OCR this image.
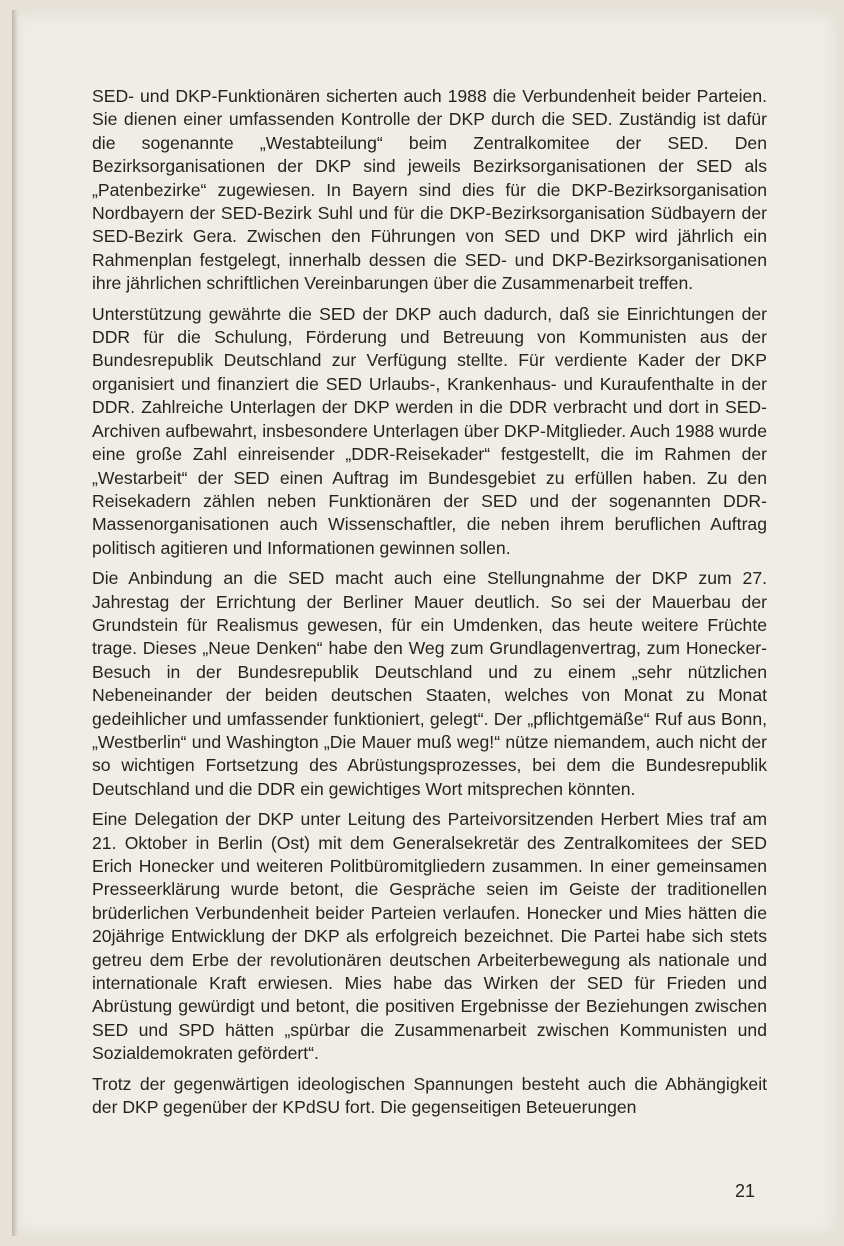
SED- und DKP-Funktionären sicherten auch 1988 die Verbundenheit beider Parteien. Sie dienen einer umfassenden Kontrolle der DKP durch die SED. Zuständig ist dafür die sogenannte „Westabteilung“ beim Zentralkomitee der SED. Den Bezirksorganisationen der DKP sind jeweils Bezirksorganisationen der SED als „Patenbezirke“ zugewiesen. In Bayern sind dies für die DKP-Bezirksorganisation Nordbayern der SED-Bezirk Suhl und für die DKP-Bezirksorganisation Südbayern der SED-Bezirk Gera. Zwischen den Führungen von SED und DKP wird jährlich ein Rahmenplan festgelegt, innerhalb dessen die SED- und DKP-Bezirksorganisationen ihre jährlichen schriftlichen Vereinbarungen über die Zusammenarbeit treffen.

Unterstützung gewährte die SED der DKP auch dadurch, daß sie Einrichtungen der DDR für die Schulung, Förderung und Betreuung von Kommunisten aus der Bundesrepublik Deutschland zur Verfügung stellte. Für verdiente Kader der DKP organisiert und finanziert die SED Urlaubs-, Krankenhaus- und Kuraufenthalte in der DDR. Zahlreiche Unterlagen der DKP werden in die DDR verbracht und dort in SED-Archiven aufbewahrt, insbesondere Unterlagen über DKP-Mitglieder. Auch 1988 wurde eine große Zahl einreisender „DDR-Reisekader“ festgestellt, die im Rahmen der „Westarbeit“ der SED einen Auftrag im Bundesgebiet zu erfüllen haben. Zu den Reisekadern zählen neben Funktionären der SED und der sogenannten DDR-Massenorganisationen auch Wissenschaftler, die neben ihrem beruflichen Auftrag politisch agitieren und Informationen gewinnen sollen.

Die Anbindung an die SED macht auch eine Stellungnahme der DKP zum 27. Jahrestag der Errichtung der Berliner Mauer deutlich. So sei der Mauerbau der Grundstein für Realismus gewesen, für ein Umdenken, das heute weitere Früchte trage. Dieses „Neue Denken“ habe den Weg zum Grundlagenvertrag, zum Honecker-Besuch in der Bundesrepublik Deutschland und zu einem „sehr nützlichen Nebeneinander der beiden deutschen Staaten, welches von Monat zu Monat gedeihlicher und umfassender funktioniert, gelegt“. Der „pflichtgemäße“ Ruf aus Bonn, „Westberlin“ und Washington „Die Mauer muß weg!“ nütze niemandem, auch nicht der so wichtigen Fortsetzung des Abrüstungsprozesses, bei dem die Bundesrepublik Deutschland und die DDR ein gewichtiges Wort mitsprechen könnten.

Eine Delegation der DKP unter Leitung des Parteivorsitzenden Herbert Mies traf am 21. Oktober in Berlin (Ost) mit dem Generalsekretär des Zentralkomitees der SED Erich Honecker und weiteren Politbüromitgliedern zusammen. In einer gemeinsamen Presseerklärung wurde betont, die Gespräche seien im Geiste der traditionellen brüderlichen Verbundenheit beider Parteien verlaufen. Honecker und Mies hätten die 20jährige Entwicklung der DKP als erfolgreich bezeichnet. Die Partei habe sich stets getreu dem Erbe der revolutionären deutschen Arbeiterbewegung als nationale und internationale Kraft erwiesen. Mies habe das Wirken der SED für Frieden und Abrüstung gewürdigt und betont, die positiven Ergebnisse der Beziehungen zwischen SED und SPD hätten „spürbar die Zusammenarbeit zwischen Kommunisten und Sozialdemokraten gefördert“.

Trotz der gegenwärtigen ideologischen Spannungen besteht auch die Abhängigkeit der DKP gegenüber der KPdSU fort. Die gegenseitigen Beteuerungen

21
